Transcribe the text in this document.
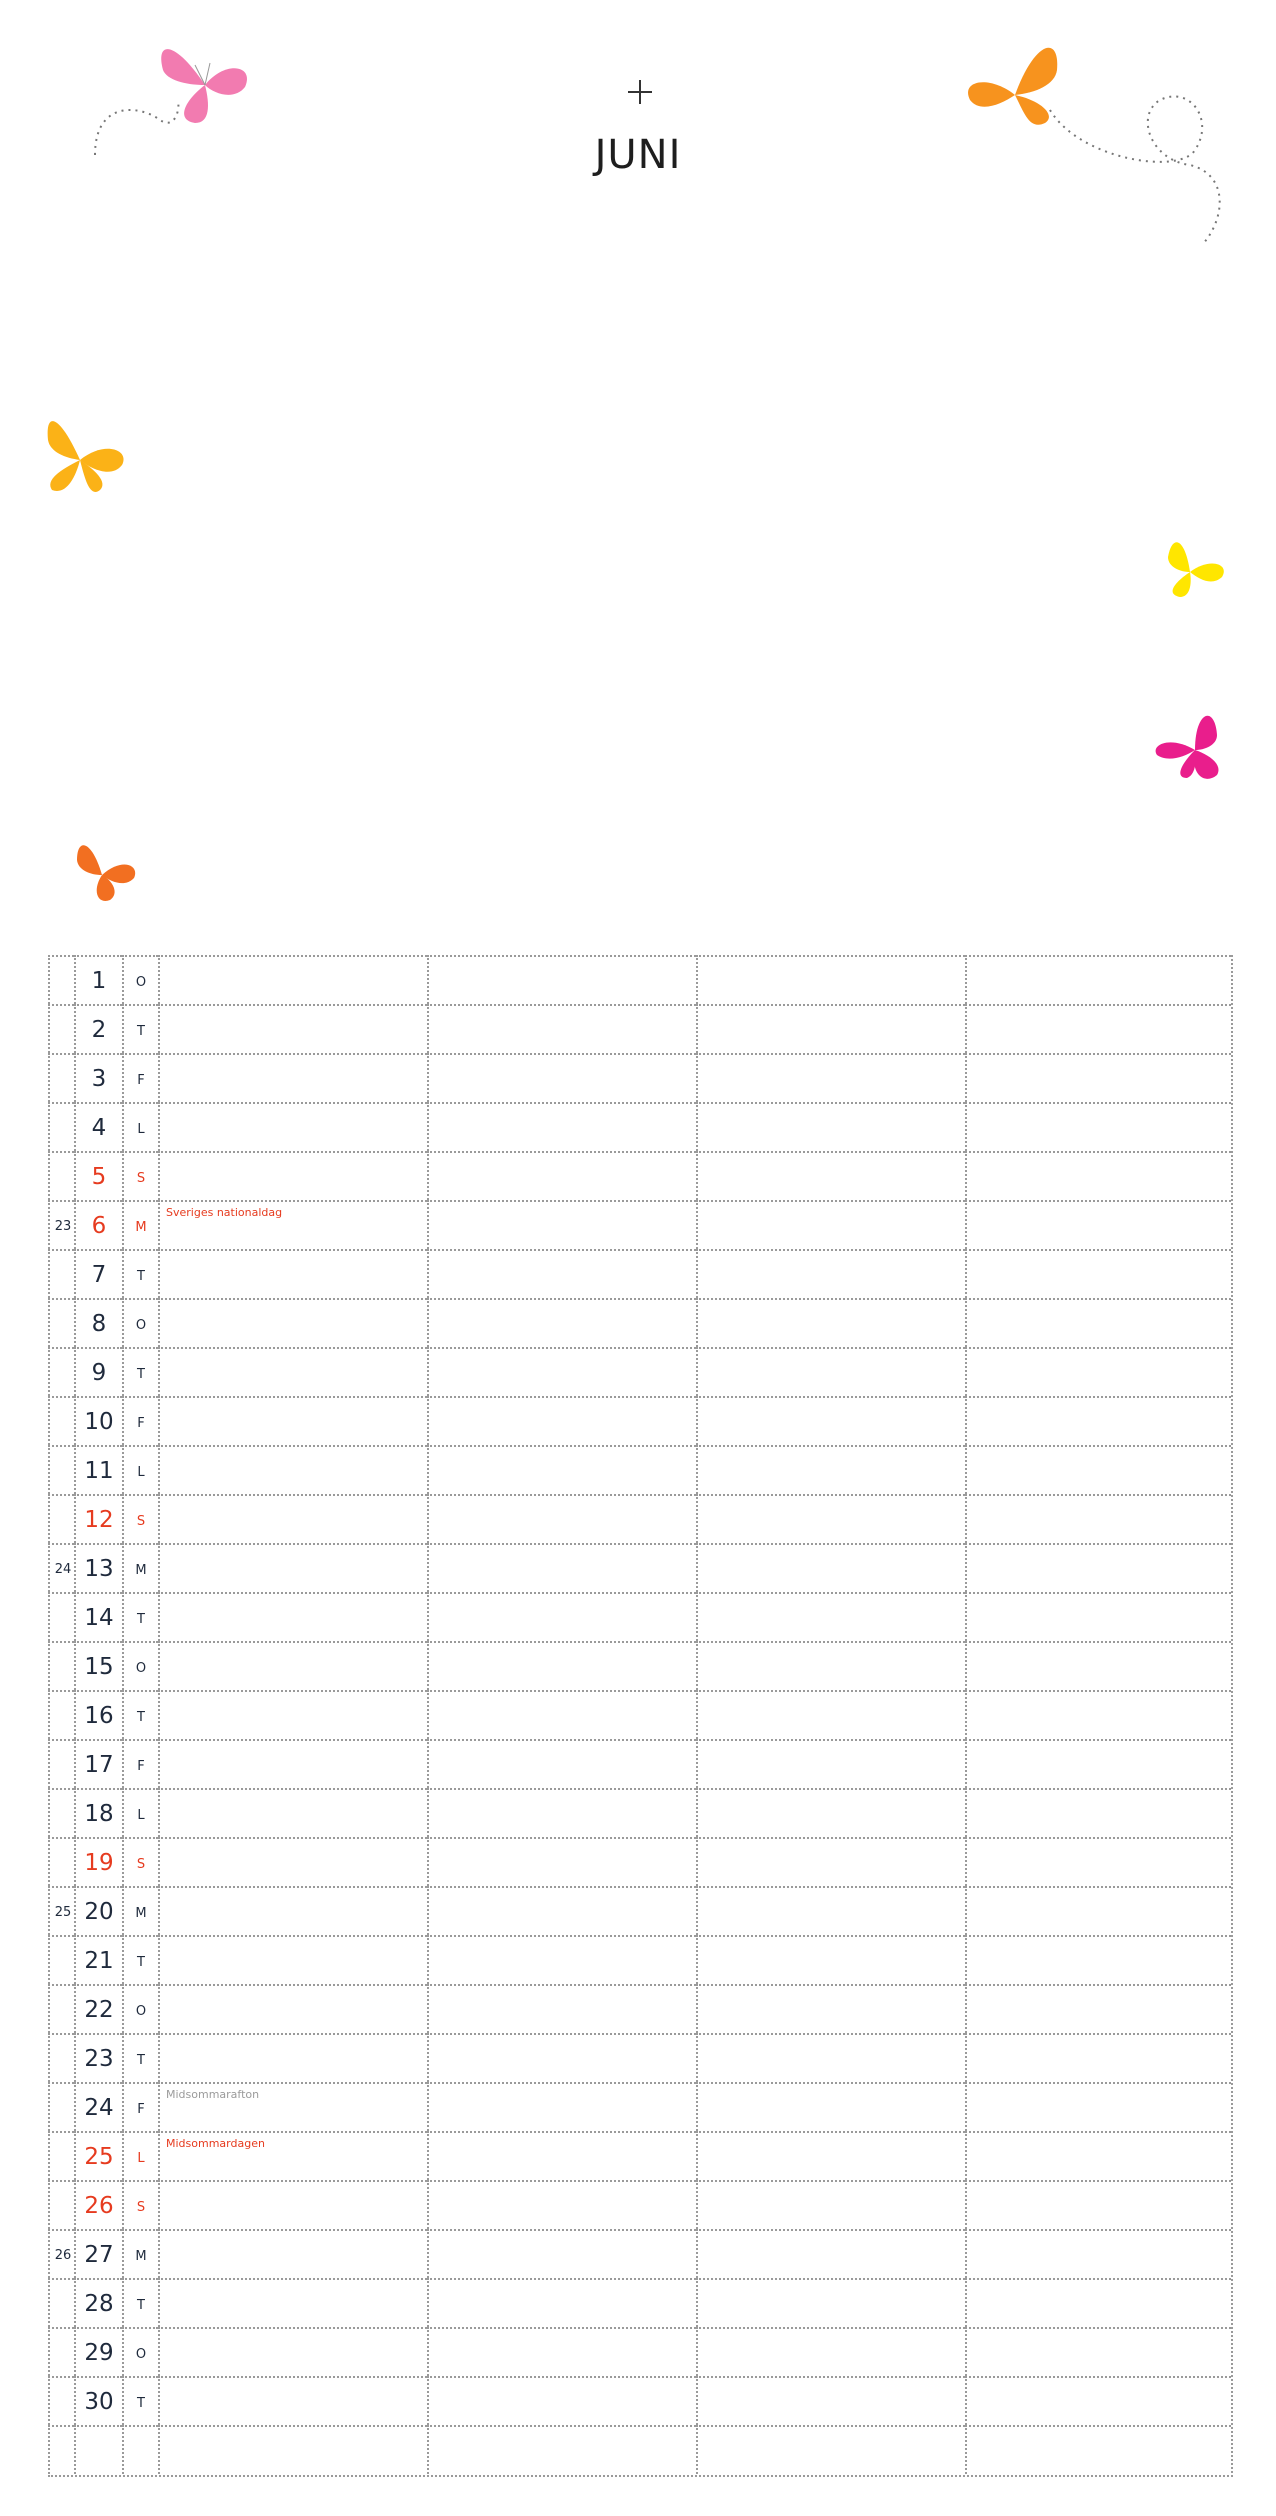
JUNI
1	O
2	T
3	F
4	L
5	S
23 6	M
Sveriges nationaldag
7	T
8	O
9	T
10	F
11	L
12	S
24 13	M
14	T
15	O
16	T
17	F
18	L
19	S
25 20	M
21	T
22	O
23	T
24	F
Midsommarafton
25	L
Midsommardagen
26	S
26 27	M
28	T
29	O
30	T
